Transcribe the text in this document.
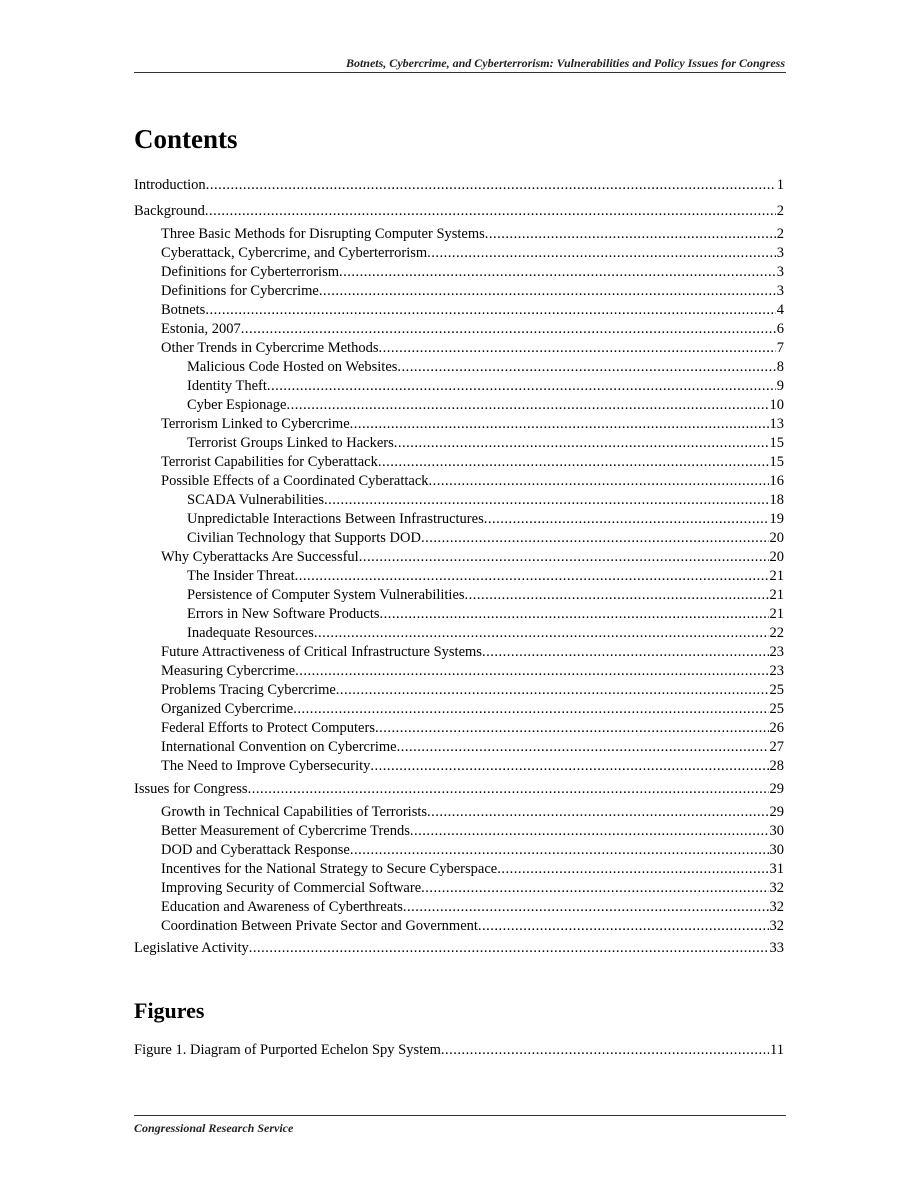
Botnets, Cybercrime, and Cyberterrorism: Vulnerabilities and Policy Issues for Congress
Contents
Introduction .....	1
Background .....	2
Three Basic Methods for Disrupting Computer Systems .....	2
Cyberattack, Cybercrime, and Cyberterrorism .....	3
Definitions for Cyberterrorism .....	3
Definitions for Cybercrime .....	3
Botnets .....	4
Estonia, 2007 .....	6
Other Trends in Cybercrime Methods .....	7
Malicious Code Hosted on Websites .....	8
Identity Theft .....	9
Cyber Espionage .....	10
Terrorism Linked to Cybercrime .....	13
Terrorist Groups Linked to Hackers .....	15
Terrorist Capabilities for Cyberattack .....	15
Possible Effects of a Coordinated Cyberattack .....	16
SCADA Vulnerabilities .....	18
Unpredictable Interactions Between Infrastructures .....	19
Civilian Technology that Supports DOD .....	20
Why Cyberattacks Are Successful .....	20
The Insider Threat .....	21
Persistence of Computer System Vulnerabilities .....	21
Errors in New Software Products .....	21
Inadequate Resources .....	22
Future Attractiveness of Critical Infrastructure Systems .....	23
Measuring Cybercrime .....	23
Problems Tracing Cybercrime .....	25
Organized Cybercrime .....	25
Federal Efforts to Protect Computers .....	26
International Convention on Cybercrime .....	27
The Need to Improve Cybersecurity .....	28
Issues for Congress .....	29
Growth in Technical Capabilities of Terrorists .....	29
Better Measurement of Cybercrime Trends .....	30
DOD and Cyberattack Response .....	30
Incentives for the National Strategy to Secure Cyberspace .....	31
Improving Security of Commercial Software .....	32
Education and Awareness of Cyberthreats .....	32
Coordination Between Private Sector and Government .....	32
Legislative Activity .....	33
Figures
Figure 1. Diagram of Purported Echelon Spy System .....	11
Congressional Research Service
